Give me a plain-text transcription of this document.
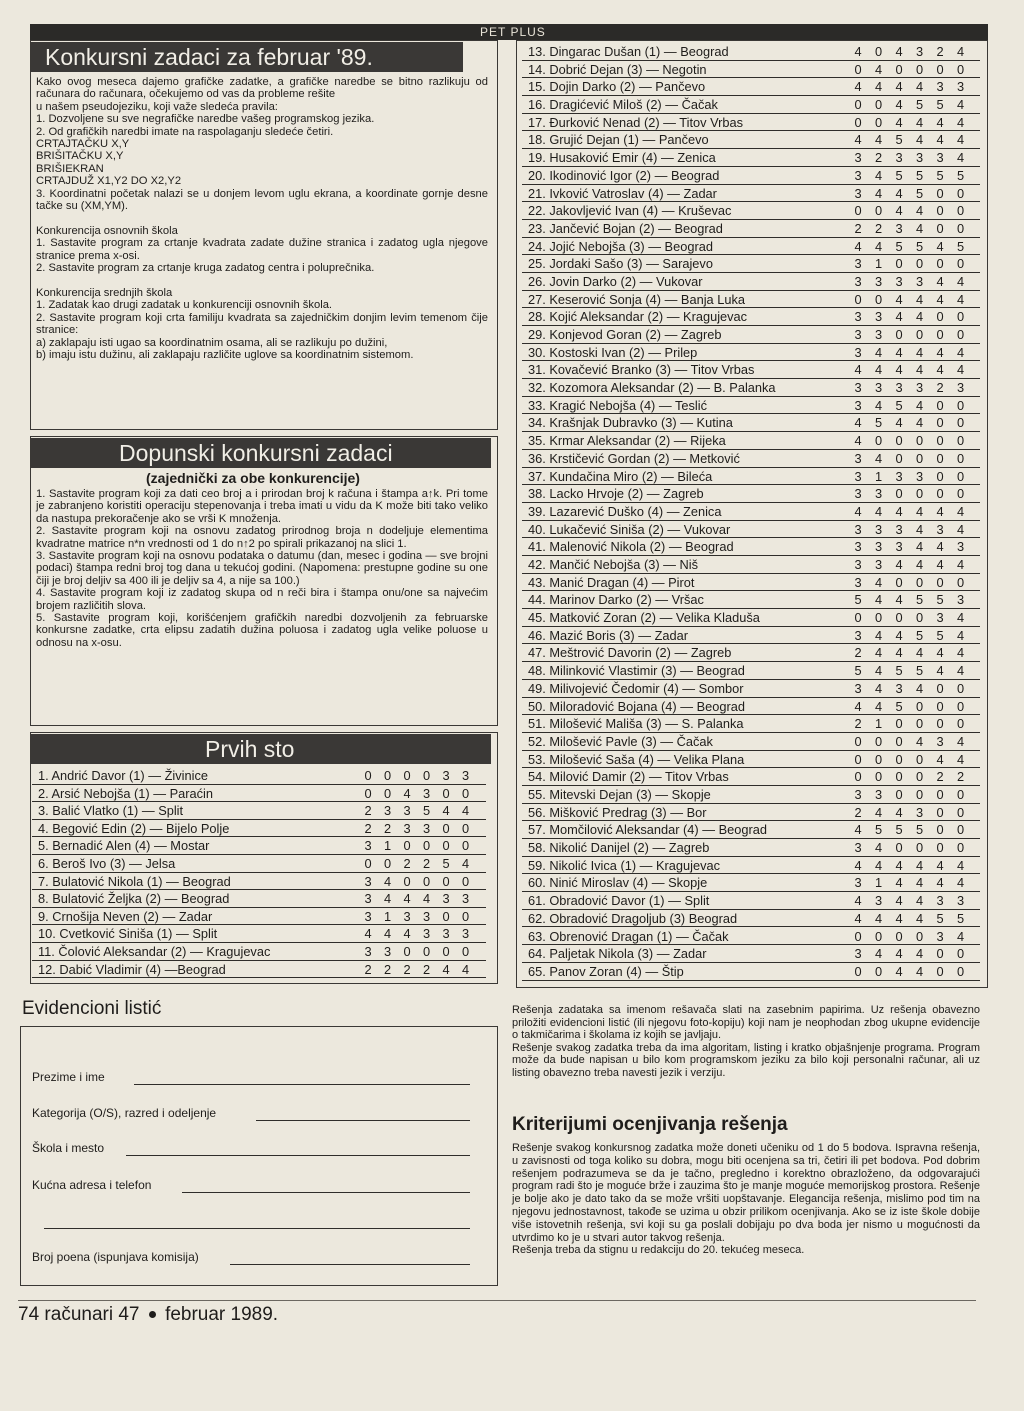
PET PLUS
Konkursni zadaci za februar '89.
Kako ovog meseca dajemo grafičke zadatke, a grafičke naredbe se bitno razlikuju od računara do računara, očekujemo od vas da probleme rešite
u našem pseudojeziku, koji važe sledeća pravila:
1. Dozvoljene su sve negrafičke naredbe vašeg programskog jezika.
2. Od grafičkih naredbi imate na raspolaganju sledeće četiri.
CRTAJTAČKU X,Y
BRIŠITAČKU X,Y
BRIŠIEKRAN
CRTAJDUŽ X1,Y2 DO X2,Y2
3. Koordinatni početak nalazi se u donjem levom uglu ekrana, a koordinate gornje desne tačke su (XM,YM).

Konkurencija osnovnih škola
1. Sastavite program za crtanje kvadrata zadate dužine stranica i zadatog ugla njegove stranice prema x-osi.
2. Sastavite program za crtanje kruga zadatog centra i poluprečnika.

Konkurencija srednjih škola
1. Zadatak kao drugi zadatak u konkurenciji osnovnih škola.
2. Sastavite program koji crta familiju kvadrata sa zajedničkim donjim levim temenom čije stranice:
a) zaklapaju isti ugao sa koordinatnim osama, ali se razlikuju po dužini,
b) imaju istu dužinu, ali zaklapaju različite uglove sa koordinatnim sistemom.
Dopunski konkursni zadaci
(zajednički za obe konkurencije)
1. Sastavite program koji za dati ceo broj a i prirodan broj k računa i štampa a↑k. Pri tome je zabranjeno koristiti operaciju stepenovanja i treba imati u vidu da K može biti tako veliko da nastupa prekoračenje ako se vrši K množenja.
2. Sastavite program koji na osnovu zadatog prirodnog broja n dodeljuje elementima kvadratne matrice n*n vrednosti od 1 do n↑2 po spirali prikazanoj na slici 1.
3. Sastavite program koji na osnovu podataka o datumu (dan, mesec i godina — sve brojni podaci) štampa redni broj tog dana u tekućoj godini. (Napomena: prestupne godine su one čiji je broj deljiv sa 400 ili je deljiv sa 4, a nije sa 100.)
4. Sastavite program koji iz zadatog skupa od n reči bira i štampa onu/one sa najvećim brojem različitih slova.
5. Sastavite program koji, korišćenjem grafičkih naredbi dozvoljenih za februarske konkursne zadatke, crta elipsu zadatih dužina poluosa i zadatog ugla velike poluose u odnosu na x-osu.
Prvih sto
1. Andrić Davor (1) — Živinice	0 0 0 0 3 3
2. Arsić Nebojša (1) — Paraćin	0 0 4 3 0 0
3. Balić Vlatko (1) — Split	2 3 3 5 4 4
4. Begović Edin (2) — Bijelo Polje	2 2 3 3 0 0
5. Bernadić Alen (4) — Mostar	3 1 0 0 0 0
6. Beroš Ivo (3) — Jelsa	0 0 2 2 5 4
7. Bulatović Nikola (1) — Beograd	3 4 0 0 0 0
8. Bulatović Željka (2) — Beograd	3 4 4 4 3 3
9. Crnošija Neven (2) — Zadar	3 1 3 3 0 0
10. Cvetković Siniša (1) — Split	4 4 4 3 3 3
11. Čolović Aleksandar (2) — Kragujevac	3 3 0 0 0 0
12. Dabić Vladimir (4) —Beograd	2 2 2 2 4 4
13. Dingarac Dušan (1) — Beograd	4	0	4	3	2	4
14. Dobrić Dejan (3) — Negotin	0	4	0	0	0	0
15. Dojin Darko (2) — Pančevo	4	4	4	4	3	3
16. Dragićević Miloš (2) — Čačak	0	0	4	5	5	4
17. Đurković Nenad (2) — Titov Vrbas	0	0	4	4	4	4
18. Grujić Dejan (1) — Pančevo	4	4	5	4	4	4
19. Husaković Emir (4) — Zenica	3	2	3	3	3	4
20. Ikodinović Igor (2) — Beograd	3	4	5	5	5	5
21. Ivković Vatroslav (4) — Zadar	3	4	4	5	0	0
22. Jakovljević Ivan (4) — Kruševac	0	0	4	4	0	0
23. Jančević Bojan (2) — Beograd	2	2	3	4	0	0
24. Jojić Nebojša (3) — Beograd	4	4	5	5	4	5
25. Jordaki Sašo (3) — Sarajevo	3	1	0	0	0	0
26. Jovin Darko (2) — Vukovar	3	3	3	3	4	4
27. Keserović Sonja (4) — Banja Luka	0	0	4	4	4	4
28. Kojić Aleksandar (2) — Kragujevac	3	3	4	4	0	0
29. Konjevod Goran (2) — Zagreb	3	3	0	0	0	0
30. Kostoski Ivan (2) — Prilep	3	4	4	4	4	4
31. Kovačević Branko (3) — Titov Vrbas	4	4	4	4	4	4
32. Kozomora Aleksandar (2) — B. Palanka	3	3	3	3	2	3
33. Kragić Nebojša (4) — Teslić	3	4	5	4	0	0
34. Krašnjak Dubravko (3) — Kutina	4	5	4	4	0	0
35. Krmar Aleksandar (2) — Rijeka	4	0	0	0	0	0
36. Krstičević Gordan (2) — Metković	3	4	0	0	0	0
37. Kundačina Miro (2) — Bileća	3	1	3	3	0	0
38. Lacko Hrvoje (2) — Zagreb	3	3	0	0	0	0
39. Lazarević Duško (4) — Zenica	4	4	4	4	4	4
40. Lukačević Siniša (2) — Vukovar	3	3	3	4	3	4
41. Malenović Nikola (2) — Beograd	3	3	3	4	4	3
42. Mančić Nebojša (3) — Niš	3	3	4	4	4	4
43. Manić Dragan (4) — Pirot	3	4	0	0	0	0
44. Marinov Darko (2) — Vršac	5	4	4	5	5	3
45. Matković Zoran (2) — Velika Kladuša	0	0	0	0	3	4
46. Mazić Boris (3) — Zadar	3	4	4	5	5	4
47. Meštrović Davorin (2) — Zagreb	2	4	4	4	4	4
48. Milinković Vlastimir (3) — Beograd	5	4	5	5	4	4
49. Milivojević Čedomir (4) — Sombor	3	4	3	4	0	0
50. Miloradović Bojana (4) — Beograd	4	4	5	0	0	0
51. Milošević Mališa (3) — S. Palanka	2	1	0	0	0	0
52. Milošević Pavle (3) — Čačak	0	0	0	4	3	4
53. Milošević Saša (4) — Velika Plana	0	0	0	0	4	4
54. Milović Damir (2) — Titov Vrbas	0	0	0	0	2	2
55. Mitevski Dejan (3) — Skopje	3	3	0	0	0	0
56. Mišković Predrag (3) — Bor	2	4	4	3	0	0
57. Momčilović Aleksandar (4) — Beograd	4	5	5	5	0	0
58. Nikolić Danijel (2) — Zagreb	3	4	0	0	0	0
59. Nikolić Ivica (1) — Kragujevac	4	4	4	4	4	4
60. Ninić Miroslav (4) — Skopje	3	1	4	4	4	4
61. Obradović Davor (1) — Split	4	3	4	4	3	3
62. Obradović Dragoljub (3) Beograd	4	4	4	4	5	5
63. Obrenović Dragan (1) — Čačak	0	0	0	0	3	4
64. Paljetak Nikola (3) — Zadar	3	4	4	4	0	0
65. Panov Zoran (4) — Štip	0	0	4	4	0	0
Evidencioni listić
Prezime i ime
Kategorija (O/S), razred i odeljenje
Škola i mesto
Kućna adresa i telefon
Broj poena (ispunjava komisija)
Rešenja zadataka sa imenom rešavača slati na zasebnim papirima. Uz rešenja obavezno priložiti evidencioni listić (ili njegovu foto-kopiju) koji nam je neophodan zbog ukupne evidencije o takmičarima i školama iz kojih se javljaju.
Rešenje svakog zadatka treba da ima algoritam, listing i kratko objašnjenje programa. Program može da bude napisan u bilo kom programskom jeziku za bilo koji personalni računar, ali uz listing obavezno treba navesti jezik i verziju.
Kriterijumi ocenjivanja rešenja
Rešenje svakog konkursnog zadatka može doneti učeniku od 1 do 5 bodova. Ispravna rešenja, u zavisnosti od toga koliko su dobra, mogu biti ocenjena sa tri, četiri ili pet bodova. Pod dobrim rešenjem podrazumeva se da je tačno, pregledno i korektno obrazloženo, da odgovarajući program radi što je moguće brže i zauzima što je manje moguće memorijskog prostora. Rešenje je bolje ako je dato tako da se može vršiti uopštavanje. Elegancija rešenja, mislimo pod tim na njegovu jednostavnost, takođe se uzima u obzir prilikom ocenjivanja. Ako se iz iste škole dobije više istovetnih rešenja, svi koji su ga poslali dobijaju po dva boda jer nismo u mogućnosti da utvrdimo ko je u stvari autor takvog rešenja.
Rešenja treba da stignu u redakciju do 20. tekućeg meseca.
74 računari 47 februar 1989.
